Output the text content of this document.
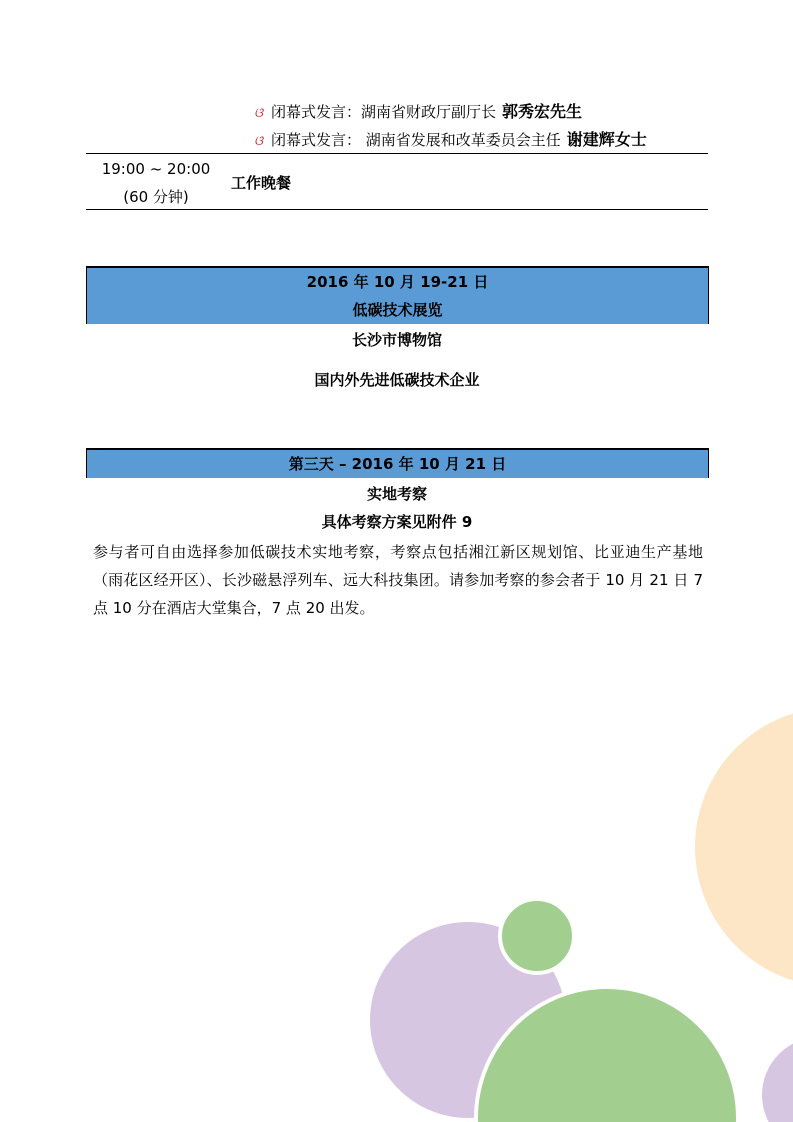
ଓ 闭幕式发言：湖南省财政厅副厅长 郭秀宏先生
ଓ 闭幕式发言： 湖南省发展和改革委员会主任 谢建辉女士
19:00 ~ 20:00
(60 分钟)
工作晚餐
2016 年 10 月 19-21 日
低碳技术展览
长沙市博物馆
国内外先进低碳技术企业
第三天 – 2016 年 10 月 21 日
实地考察
具体考察方案见附件 9
参与者可自由选择参加低碳技术实地考察，考察点包括湘江新区规划馆、比亚迪生产基地（雨花区经开区）、长沙磁悬浮列车、远大科技集团。请参加考察的参会者于 10 月 21 日 7 点 10 分在酒店大堂集合，7 点 20 出发。
